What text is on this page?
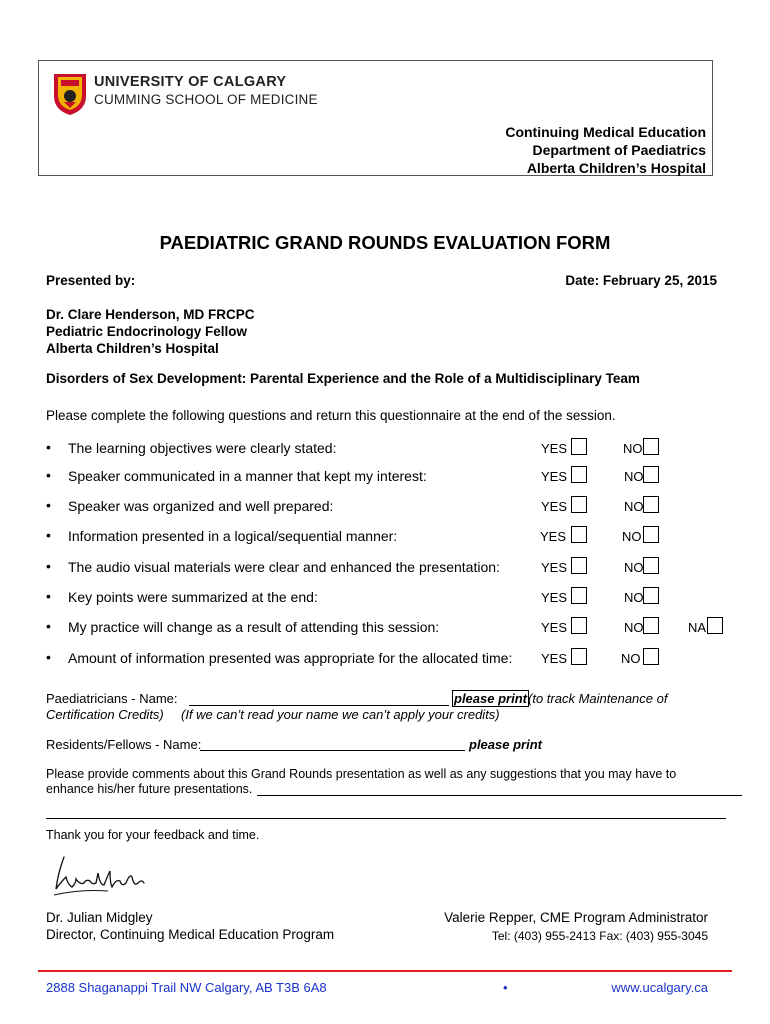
UNIVERSITY OF CALGARY
CUMMING SCHOOL OF MEDICINE
Continuing Medical Education
Department of Paediatrics
Alberta Children’s Hospital
PAEDIATRIC GRAND ROUNDS EVALUATION FORM
Presented by:	Date: February 25, 2015
Dr. Clare Henderson, MD FRCPC
Pediatric Endocrinology Fellow
Alberta Children’s Hospital
Disorders of Sex Development: Parental Experience and the Role of a Multidisciplinary Team
Please complete the following questions and return this questionnaire at the end of the session.
• The learning objectives were clearly stated:	YES	NO
• Speaker communicated in a manner that kept my interest:	YES	NO
• Speaker was organized and well prepared:	YES	NO
• Information presented in a logical/sequential manner:	YES	NO
• The audio visual materials were clear and enhanced the presentation:	YES	NO
• Key points were summarized at the end:	YES	NO
• My practice will change as a result of attending this session:	YES	NO	NA
• Amount of information presented was appropriate for the allocated time: YES	NO
Paediatricians - Name:	please print (to track Maintenance of
Certification Credits) (If we can’t read your name we can’t apply your credits)
Residents/Fellows - Name:	please print
Please provide comments about this Grand Rounds presentation as well as any suggestions that you may have to
enhance his/her future presentations.
Thank you for your feedback and time.
Dr. Julian Midgley
Director, Continuing Medical Education Program
Valerie Repper, CME Program Administrator
Tel: (403) 955-2413 Fax: (403) 955-3045
2888 Shaganappi Trail NW Calgary, AB T3B 6A8	•	www.ucalgary.ca
